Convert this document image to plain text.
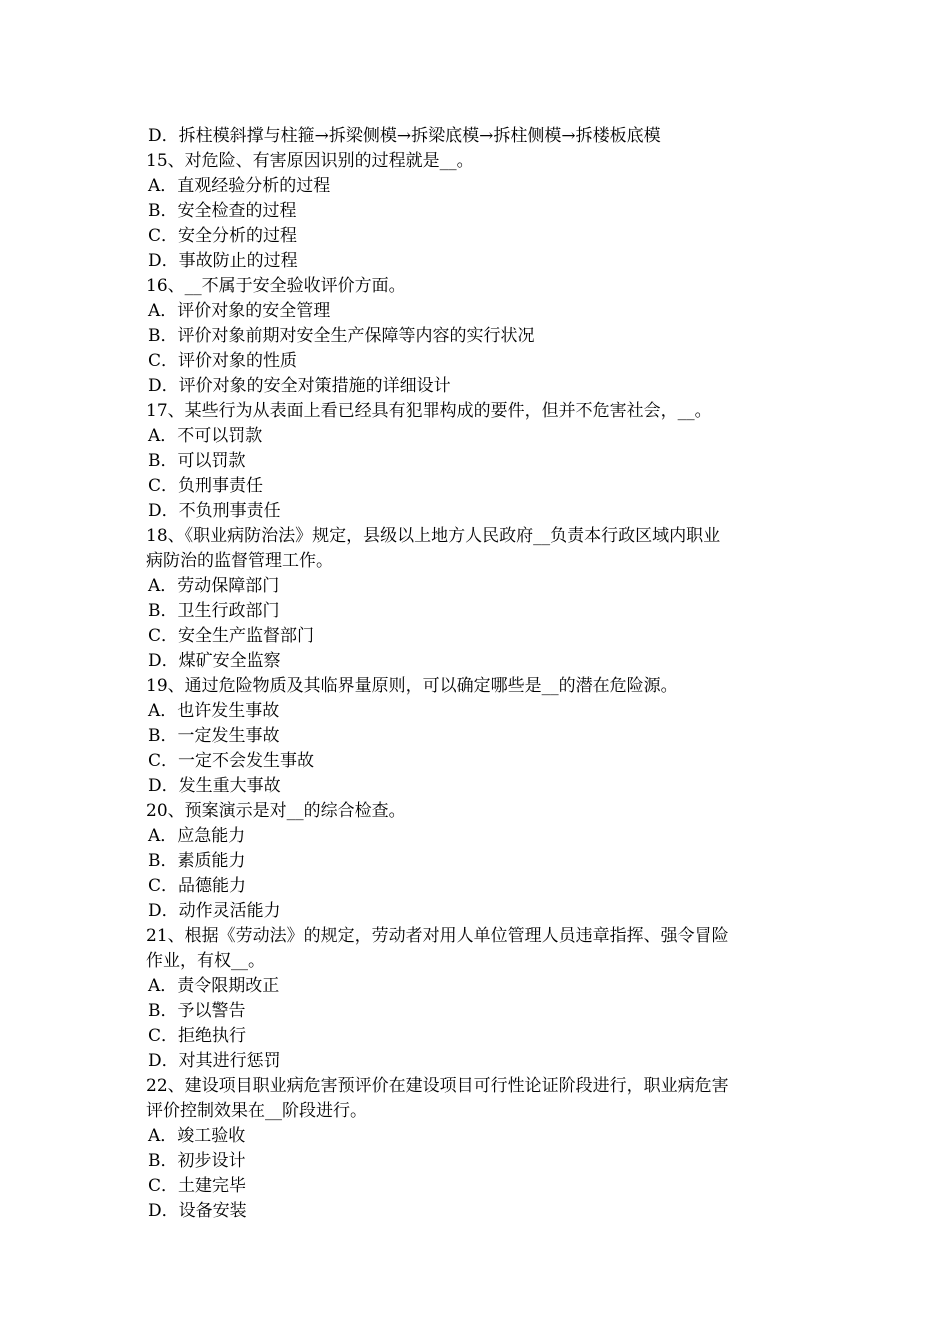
D．拆柱模斜撑与柱箍→拆梁侧模→拆梁底模→拆柱侧模→拆楼板底模
15、对危险、有害原因识别的过程就是__。
A．直观经验分析的过程
B．安全检查的过程
C．安全分析的过程
D．事故防止的过程
16、__不属于安全验收评价方面。
A．评价对象的安全管理
B．评价对象前期对安全生产保障等内容的实行状况
C．评价对象的性质
D．评价对象的安全对策措施的详细设计
17、某些行为从表面上看已经具有犯罪构成的要件，但并不危害社会，__。
A．不可以罚款
B．可以罚款
C．负刑事责任
D．不负刑事责任
18、《职业病防治法》规定，县级以上地方人民政府__负责本行政区域内职业
病防治的监督管理工作。
A．劳动保障部门
B．卫生行政部门
C．安全生产监督部门
D．煤矿安全监察
19、通过危险物质及其临界量原则，可以确定哪些是__的潜在危险源。
A．也许发生事故
B．一定发生事故
C．一定不会发生事故
D．发生重大事故
20、预案演示是对__的综合检查。
A．应急能力
B．素质能力
C．品德能力
D．动作灵活能力
21、根据《劳动法》的规定，劳动者对用人单位管理人员违章指挥、强令冒险
作业，有权__。
A．责令限期改正
B．予以警告
C．拒绝执行
D．对其进行惩罚
22、建设项目职业病危害预评价在建设项目可行性论证阶段进行，职业病危害
评价控制效果在__阶段进行。
A．竣工验收
B．初步设计
C．土建完毕
D．设备安装
